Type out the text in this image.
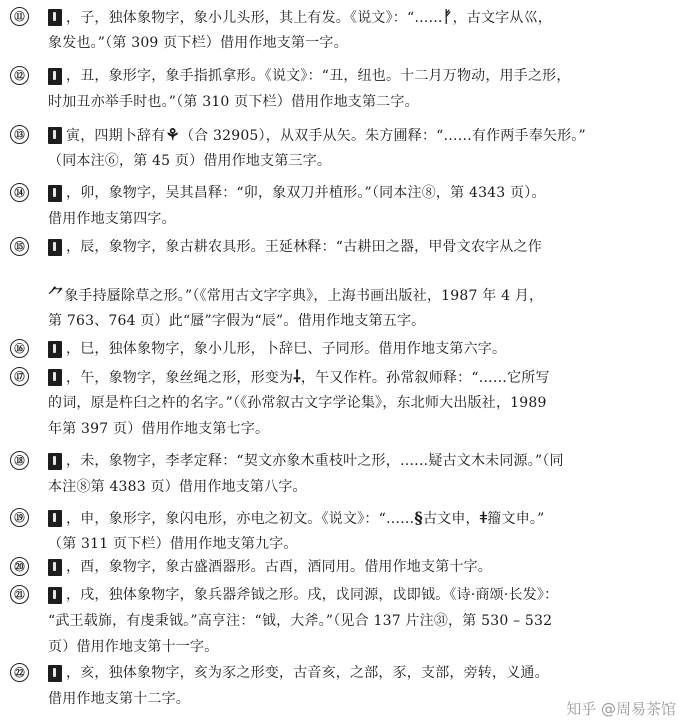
⑪	，子，独体象物字，象小儿头形，其上有发。《说文》：“……ᚠ，古文字从巛，
象发也。”（第 309 页下栏）借用作地支第一字。
⑫	，丑，象形字，象手指抓拿形。《说文》：“丑，纽也。十二月万物动，用手之形，
时加丑亦举手时也。”（第 310 页下栏）借用作地支第二字。
⑬	寅，四期卜辞有⚘（合 32905），从双手从矢。朱方圃释：“……有作两手奉矢形。”
（同本注⑥，第 45 页）借用作地支第三字。
⑭	，卯，象物字，吴其昌释：“卯，象双刀并植形。”（同本注⑧，第 4343 页）。
借用作地支第四字。
⑮	，辰，象物字，象古耕农具形。王延林释：“古耕田之器，甲骨文农字从之作
⺈象手持蜃除草之形。”（《常用古文字字典》，上海书画出版社，1987 年 4 月，
第 763、764 页）此“蜃”字假为“辰”。借用作地支第五字。
⑯	，巳，独体象物字，象小儿形，卜辞巳、子同形。借用作地支第六字。
⑰	，午，象物字，象丝绳之形，形变为⸸，午又作杵。孙常叙师释：“……它所写
的词，原是杵臼之杵的名字。”（《孙常叙古文字学论集》，东北师大出版社，1989
年第 397 页）借用作地支第七字。
⑱	，未，象物字，李孝定释：“契文亦象木重枝叶之形，……疑古文木未同源。”（同
本注⑧第 4383 页）借用作地支第八字。
⑲	，申，象形字，象闪电形，亦电之初文。《说文》：“……§古文申，ǂ籀文申。”
（第 311 页下栏）借用作地支第九字。
⑳	，酉，象物字，象古盛酒器形。古酉，酒同用。借用作地支第十字。
㉑	，戌，独体象物字，象兵器斧钺之形。戌，戉同源，戉即钺。《诗·商颂·长发》：
“武王载旆，有虔秉钺。”高亨注：“钺，大斧。”（见合 137 片注㉛，第 530 – 532
页）借用作地支第十一字。
㉒	，亥，独体象物字，亥为豕之形变，古音亥，之部，豕，支部，旁转，义通。
借用作地支第十二字。
知乎 @周易茶馆
